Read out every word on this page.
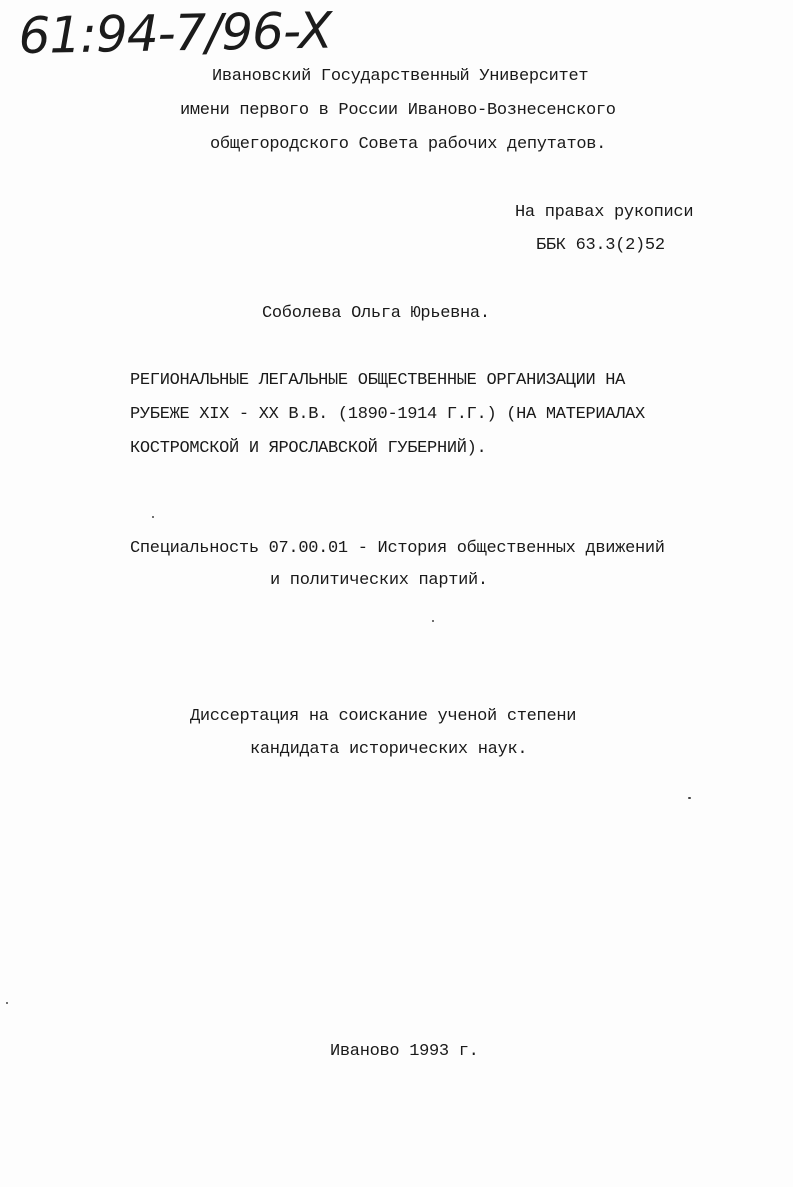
61:94-7/96-X
Ивановский Государственный Университет
имени первого в России Иваново-Вознесенского
общегородского Совета рабочих депутатов.
На правах рукописи
ББК 63.3(2)52
Соболева Ольга Юрьевна.
РЕГИОНАЛЬНЫЕ ЛЕГАЛЬНЫЕ ОБЩЕСТВЕННЫЕ ОРГАНИЗАЦИИ НА
РУБЕЖЕ XIX - XX В.В. (1890-1914 Г.Г.) (НА МАТЕРИАЛАХ
КОСТРОМСКОЙ И ЯРОСЛАВСКОЙ ГУБЕРНИЙ).
Специальность 07.00.01 - История общественных движений
и политических партий.
Диссертация на соискание ученой степени
кандидата исторических наук.
Иваново 1993 г.
